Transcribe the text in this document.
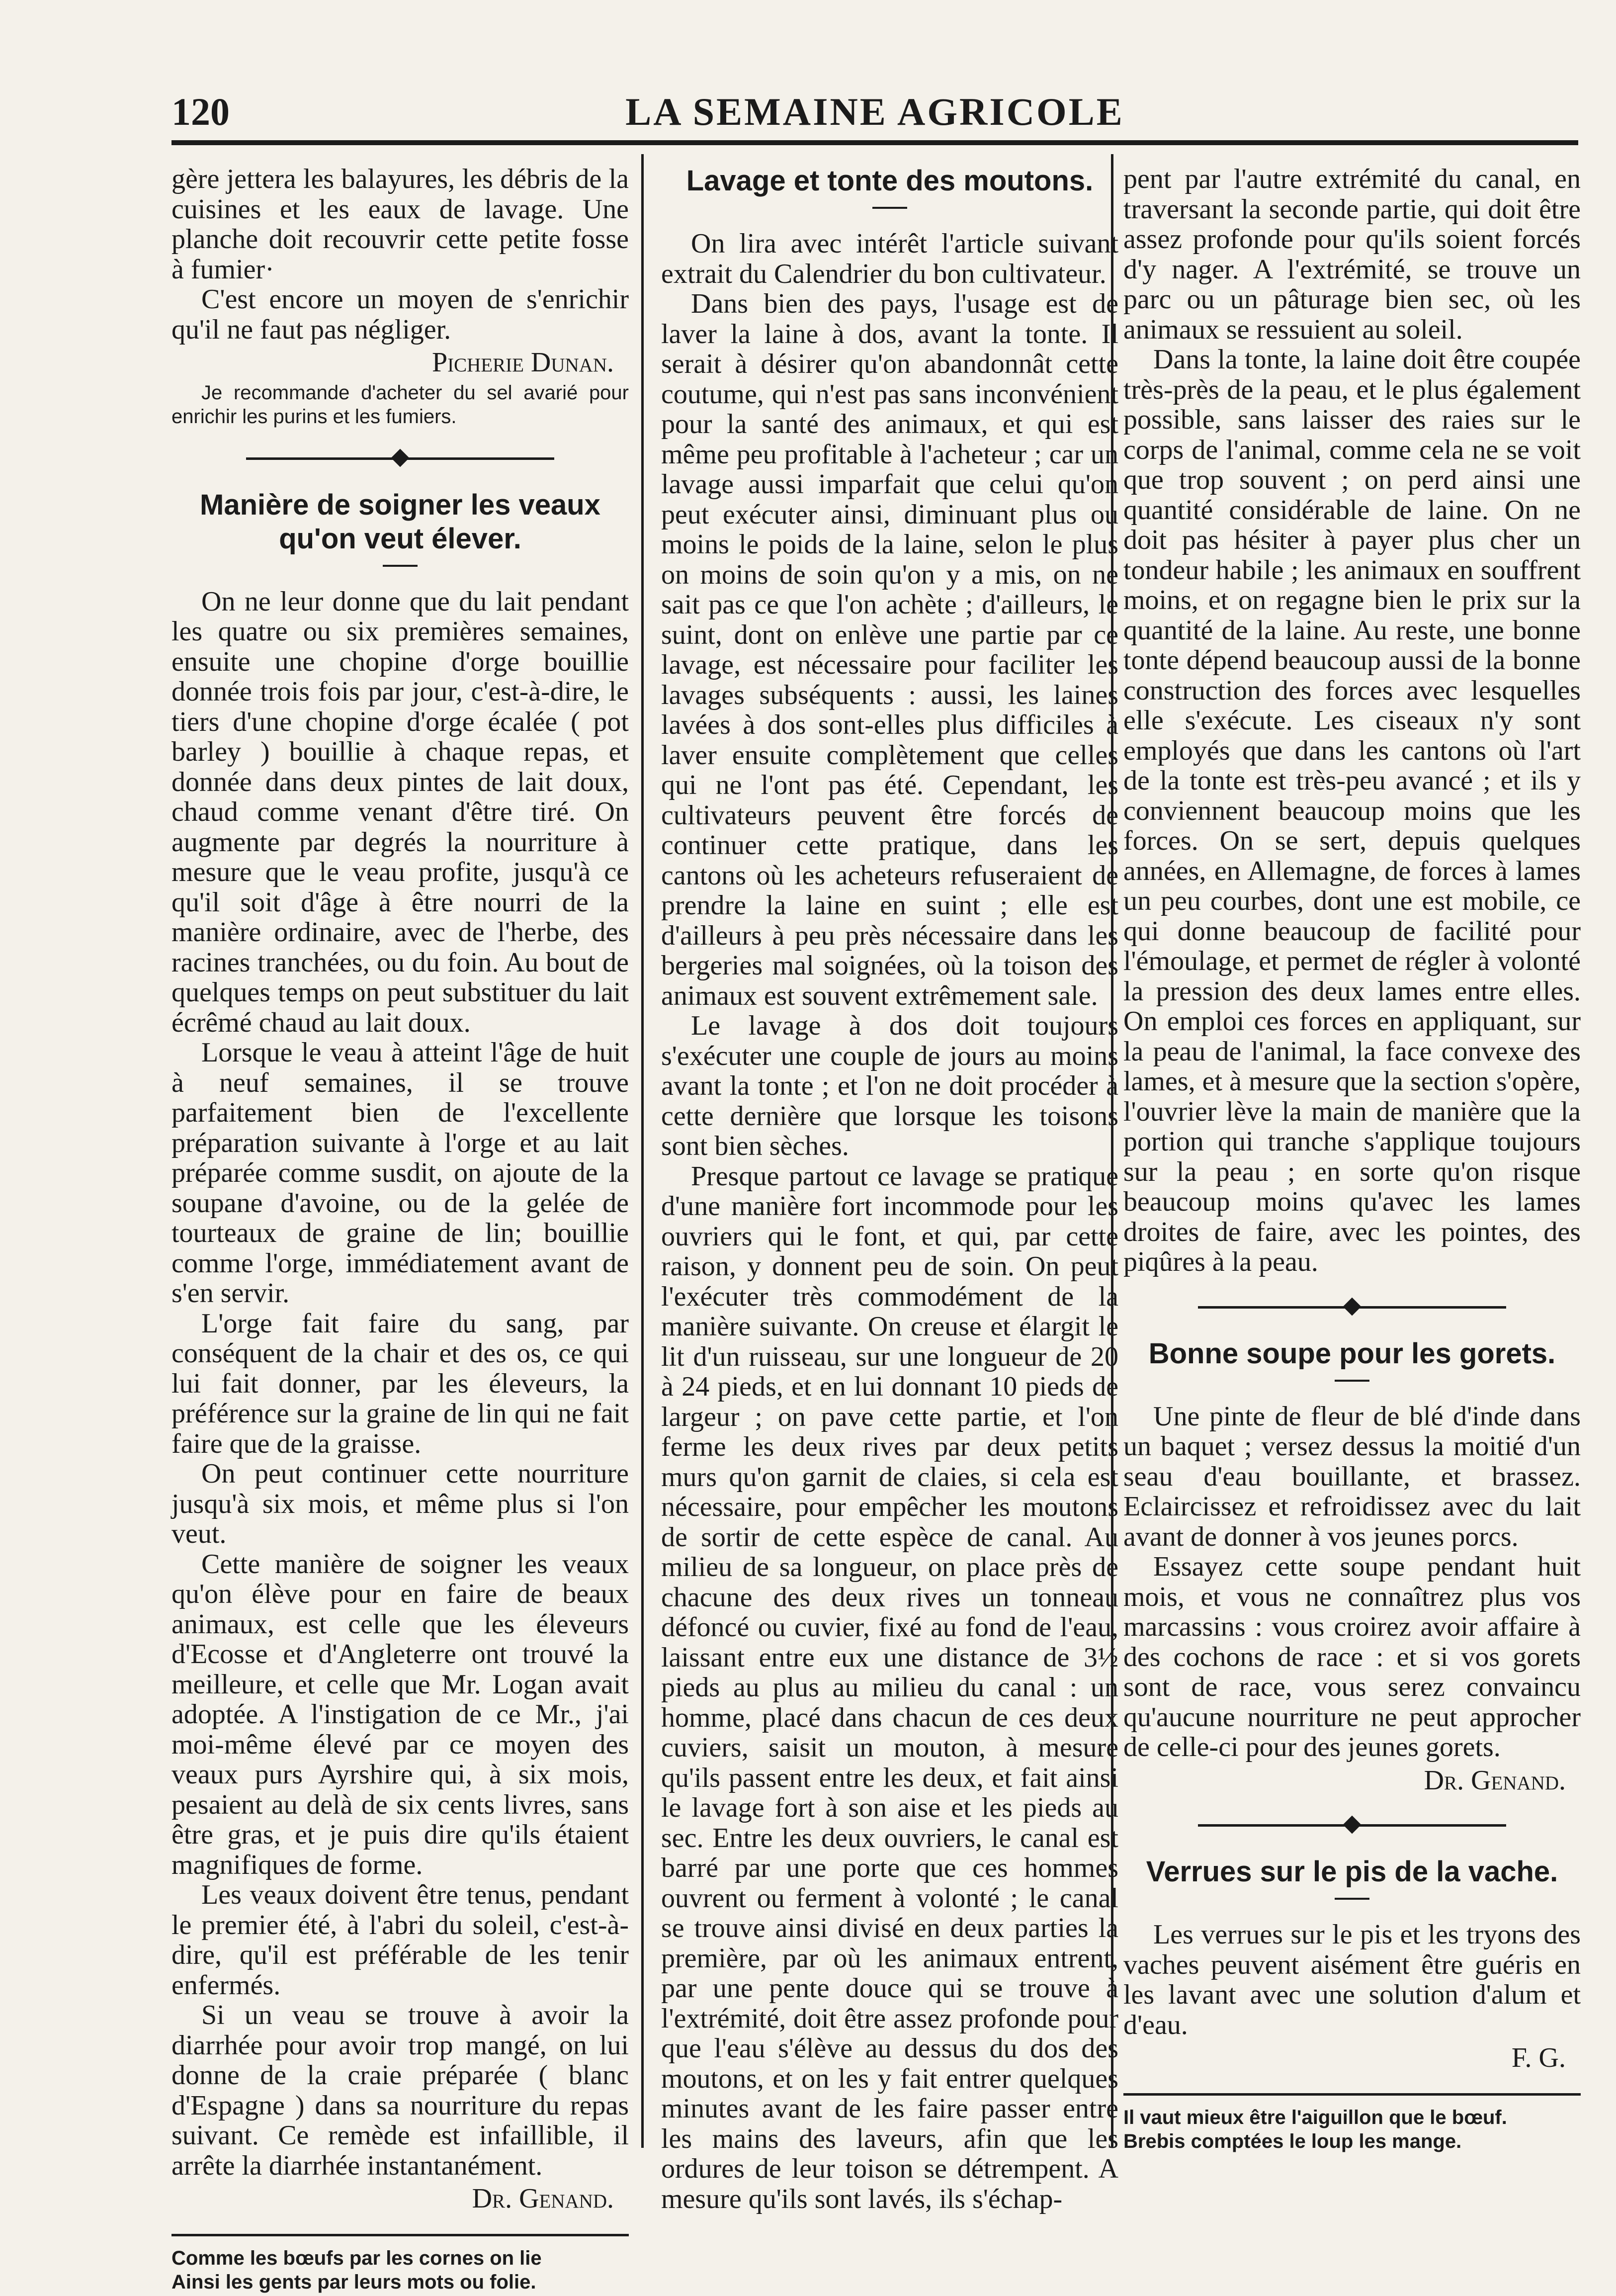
120	LA SEMAINE AGRICOLE

gère jettera les balayures, les débris de la cuisines et les eaux de lavage. Une planche doit recouvrir cette petite fosse à fumier·

C'est encore un moyen de s'enrichir qu'il ne faut pas négliger.

Picherie Dunan.

Je recommande d'acheter du sel avarié pour enrichir les purins et les fumiers.

Manière de soigner les veaux qu'on veut élever.

On ne leur donne que du lait pendant les quatre ou six premières semaines, ensuite une chopine d'orge bouillie donnée trois fois par jour, c'est-à-dire, le tiers d'une chopine d'orge écalée ( pot barley ) bouillie à chaque repas, et donnée dans deux pintes de lait doux, chaud comme venant d'être tiré. On augmente par degrés la nourriture à mesure que le veau profite, jusqu'à ce qu'il soit d'âge à être nourri de la manière ordinaire, avec de l'herbe, des racines tranchées, ou du foin. Au bout de quelques temps on peut substituer du lait écrêmé chaud au lait doux.

Lorsque le veau à atteint l'âge de huit à neuf semaines, il se trouve parfaitement bien de l'excellente préparation suivante à l'orge et au lait préparée comme susdit, on ajoute de la soupane d'avoine, ou de la gelée de tourteaux de graine de lin; bouillie comme l'orge, immédiatement avant de s'en servir.

L'orge fait faire du sang, par conséquent de la chair et des os, ce qui lui fait donner, par les éleveurs, la préférence sur la graine de lin qui ne fait faire que de la graisse.

On peut continuer cette nourriture jusqu'à six mois, et même plus si l'on veut.

Cette manière de soigner les veaux qu'on élève pour en faire de beaux animaux, est celle que les éleveurs d'Ecosse et d'Angleterre ont trouvé la meilleure, et celle que Mr. Logan avait adoptée. A l'instigation de ce Mr., j'ai moi-même élevé par ce moyen des veaux purs Ayrshire qui, à six mois, pesaient au delà de six cents livres, sans être gras, et je puis dire qu'ils étaient magnifiques de forme.

Les veaux doivent être tenus, pendant le premier été, à l'abri du soleil, c'est-à-dire, qu'il est préférable de les tenir enfermés.

Si un veau se trouve à avoir la diarrhée pour avoir trop mangé, on lui donne de la craie préparée ( blanc d'Espagne ) dans sa nourriture du repas suivant. Ce remède est infaillible, il arrête la diarrhée instantanément.

Dr. Genand.
Comme les bœufs par les cornes on lie
Ainsi les gents par leurs mots ou folie.
Lavage et tonte des moutons.

On lira avec intérêt l'article suivant extrait du Calendrier du bon cultivateur.

Dans bien des pays, l'usage est de laver la laine à dos, avant la tonte. Il serait à désirer qu'on abandonnât cette coutume, qui n'est pas sans inconvénient pour la santé des animaux, et qui est même peu profitable à l'acheteur ; car un lavage aussi imparfait que celui qu'on peut exécuter ainsi, diminuant plus ou moins le poids de la laine, selon le plus on moins de soin qu'on y a mis, on ne sait pas ce que l'on achète ; d'ailleurs, le suint, dont on enlève une partie par ce lavage, est nécessaire pour faciliter les lavages subséquents : aussi, les laines lavées à dos sont-elles plus difficiles à laver ensuite complètement que celles qui ne l'ont pas été. Cependant, les cultivateurs peuvent être forcés de continuer cette pratique, dans les cantons où les acheteurs refuseraient de prendre la laine en suint ; elle est d'ailleurs à peu près nécessaire dans les bergeries mal soignées, où la toison des animaux est souvent extrêmement sale.

Le lavage à dos doit toujours s'exécuter une couple de jours au moins avant la tonte ; et l'on ne doit procéder à cette dernière que lorsque les toisons sont bien sèches.

Presque partout ce lavage se pratique d'une manière fort incommode pour les ouvriers qui le font, et qui, par cette raison, y donnent peu de soin. On peut l'exécuter très commodément de la manière suivante. On creuse et élargit le lit d'un ruisseau, sur une longueur de 20 à 24 pieds, et en lui donnant 10 pieds de largeur ; on pave cette partie, et l'on ferme les deux rives par deux petits murs qu'on garnit de claies, si cela est nécessaire, pour empêcher les moutons de sortir de cette espèce de canal. Au milieu de sa longueur, on place près de chacune des deux rives un tonneau défoncé ou cuvier, fixé au fond de l'eau, laissant entre eux une distance de 3½ pieds au plus au milieu du canal : un homme, placé dans chacun de ces deux cuviers, saisit un mouton, à mesure qu'ils passent entre les deux, et fait ainsi le lavage fort à son aise et les pieds au sec. Entre les deux ouvriers, le canal est barré par une porte que ces hommes ouvrent ou ferment à volonté ; le canal se trouve ainsi divisé en deux parties la première, par où les animaux entrent, par une pente douce qui se trouve à l'extrémité, doit être assez profonde pour que l'eau s'élève au dessus du dos des moutons, et on les y fait entrer quelques minutes avant de les faire passer entre les mains des laveurs, afin que les ordures de leur toison se détrempent. A mesure qu'ils sont lavés, ils s'échap-

pent par l'autre extrémité du canal, en traversant la seconde partie, qui doit être assez profonde pour qu'ils soient forcés d'y nager. A l'extrémité, se trouve un parc ou un pâturage bien sec, où les animaux se ressuient au soleil.

Dans la tonte, la laine doit être coupée très-près de la peau, et le plus également possible, sans laisser des raies sur le corps de l'animal, comme cela ne se voit que trop souvent ; on perd ainsi une quantité considérable de laine. On ne doit pas hésiter à payer plus cher un tondeur habile ; les animaux en souffrent moins, et on regagne bien le prix sur la quantité de la laine. Au reste, une bonne tonte dépend beaucoup aussi de la bonne construction des forces avec lesquelles elle s'exécute. Les ciseaux n'y sont employés que dans les cantons où l'art de la tonte est très-peu avancé ; et ils y conviennent beaucoup moins que les forces. On se sert, depuis quelques années, en Allemagne, de forces à lames un peu courbes, dont une est mobile, ce qui donne beaucoup de facilité pour l'émoulage, et permet de régler à volonté la pression des deux lames entre elles. On emploi ces forces en appliquant, sur la peau de l'animal, la face convexe des lames, et à mesure que la section s'opère, l'ouvrier lève la main de manière que la portion qui tranche s'applique toujours sur la peau ; en sorte qu'on risque beaucoup moins qu'avec les lames droites de faire, avec les pointes, des piqûres à la peau.

Bonne soupe pour les gorets.

Une pinte de fleur de blé d'inde dans un baquet ; versez dessus la moitié d'un seau d'eau bouillante, et brassez. Eclaircissez et refroidissez avec du lait avant de donner à vos jeunes porcs.

Essayez cette soupe pendant huit mois, et vous ne connaîtrez plus vos marcassins : vous croirez avoir affaire à des cochons de race : et si vos gorets sont de race, vous serez convaincu qu'aucune nourriture ne peut approcher de celle-ci pour des jeunes gorets.

Dr. Genand.
Verrues sur le pis de la vache.

Les verrues sur le pis et les tryons des vaches peuvent aisément être guéris en les lavant avec une solution d'alum et d'eau.

F. G.
Il vaut mieux être l'aiguillon que le bœuf.
Brebis comptées le loup les mange.
